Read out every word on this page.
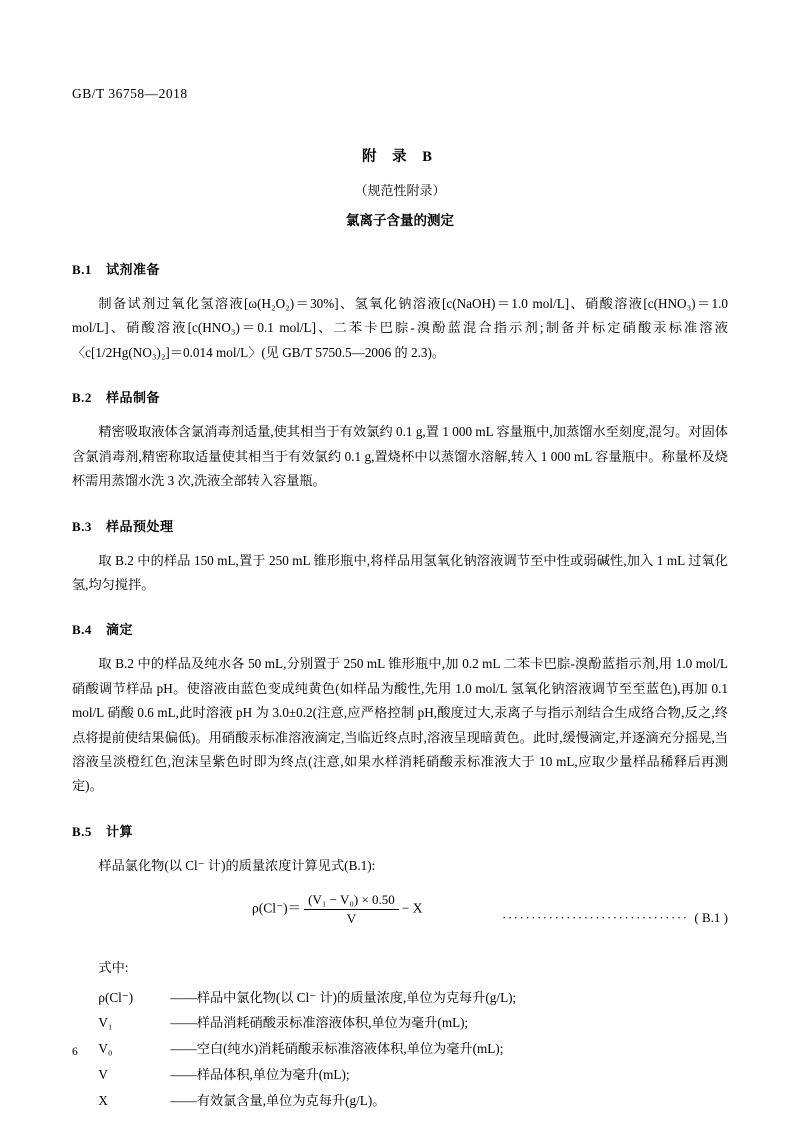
GB/T 36758—2018
附 录 B
（规范性附录）
氯离子含量的测定
B.1 试剂准备

制备试剂过氧化氢溶液[ω(H₂O₂)＝30%]、氢氧化钠溶液[c(NaOH)＝1.0 mol/L]、硝酸溶液[c(HNO₃)＝1.0 mol/L]、硝酸溶液[c(HNO₃)＝0.1 mol/L]、二苯卡巴腙-溴酚蓝混合指示剂;制备并标定硝酸汞标准溶液〈c[1/2Hg(NO₃)₂]＝0.014 mol/L〉(见 GB/T 5750.5—2006 的 2.3)。

B.2 样品制备

精密吸取液体含氯消毒剂适量,使其相当于有效氯约 0.1 g,置 1 000 mL 容量瓶中,加蒸馏水至刻度,混匀。对固体含氯消毒剂,精密称取适量使其相当于有效氯约 0.1 g,置烧杯中以蒸馏水溶解,转入 1 000 mL 容量瓶中。称量杯及烧杯需用蒸馏水洗 3 次,洗液全部转入容量瓶。

B.3 样品预处理

取 B.2 中的样品 150 mL,置于 250 mL 锥形瓶中,将样品用氢氧化钠溶液调节至中性或弱碱性,加入 1 mL 过氧化氢,均匀搅拌。

B.4 滴定

取 B.2 中的样品及纯水各 50 mL,分别置于 250 mL 锥形瓶中,加 0.2 mL 二苯卡巴腙-溴酚蓝指示剂,用 1.0 mol/L 硝酸调节样品 pH。使溶液由蓝色变成纯黄色(如样品为酸性,先用 1.0 mol/L 氢氧化钠溶液调节至至蓝色),再加 0.1 mol/L 硝酸 0.6 mL,此时溶液 pH 为 3.0±0.2(注意,应严格控制 pH,酸度过大,汞离子与指示剂结合生成络合物,反之,终点将提前使结果偏低)。用硝酸汞标准溶液滴定,当临近终点时,溶液呈现暗黄色。此时,缓慢滴定,并逐滴充分摇晃,当溶液呈淡橙红色,泡沫呈紫色时即为终点(注意,如果水样消耗硝酸汞标准液大于 10 mL,应取少量样品稀释后再测定)。

B.5 计算

样品氯化物(以 Cl⁻ 计)的质量浓度计算见式(B.1):

$\rho(Cl^-)= \frac{\text{(V₁ − V₀) × 0.50}}{V} - X$
································ ( B.1 )

式中:

ρ(Cl⁻)	——样品中氯化物(以 Cl⁻ 计)的质量浓度,单位为克每升(g/L);
V₁	——样品消耗硝酸汞标准溶液体积,单位为毫升(mL);
V₀	——空白(纯水)消耗硝酸汞标准溶液体积,单位为毫升(mL);
V	——样品体积,单位为毫升(mL);
X	——有效氯含量,单位为克每升(g/L)。
6
